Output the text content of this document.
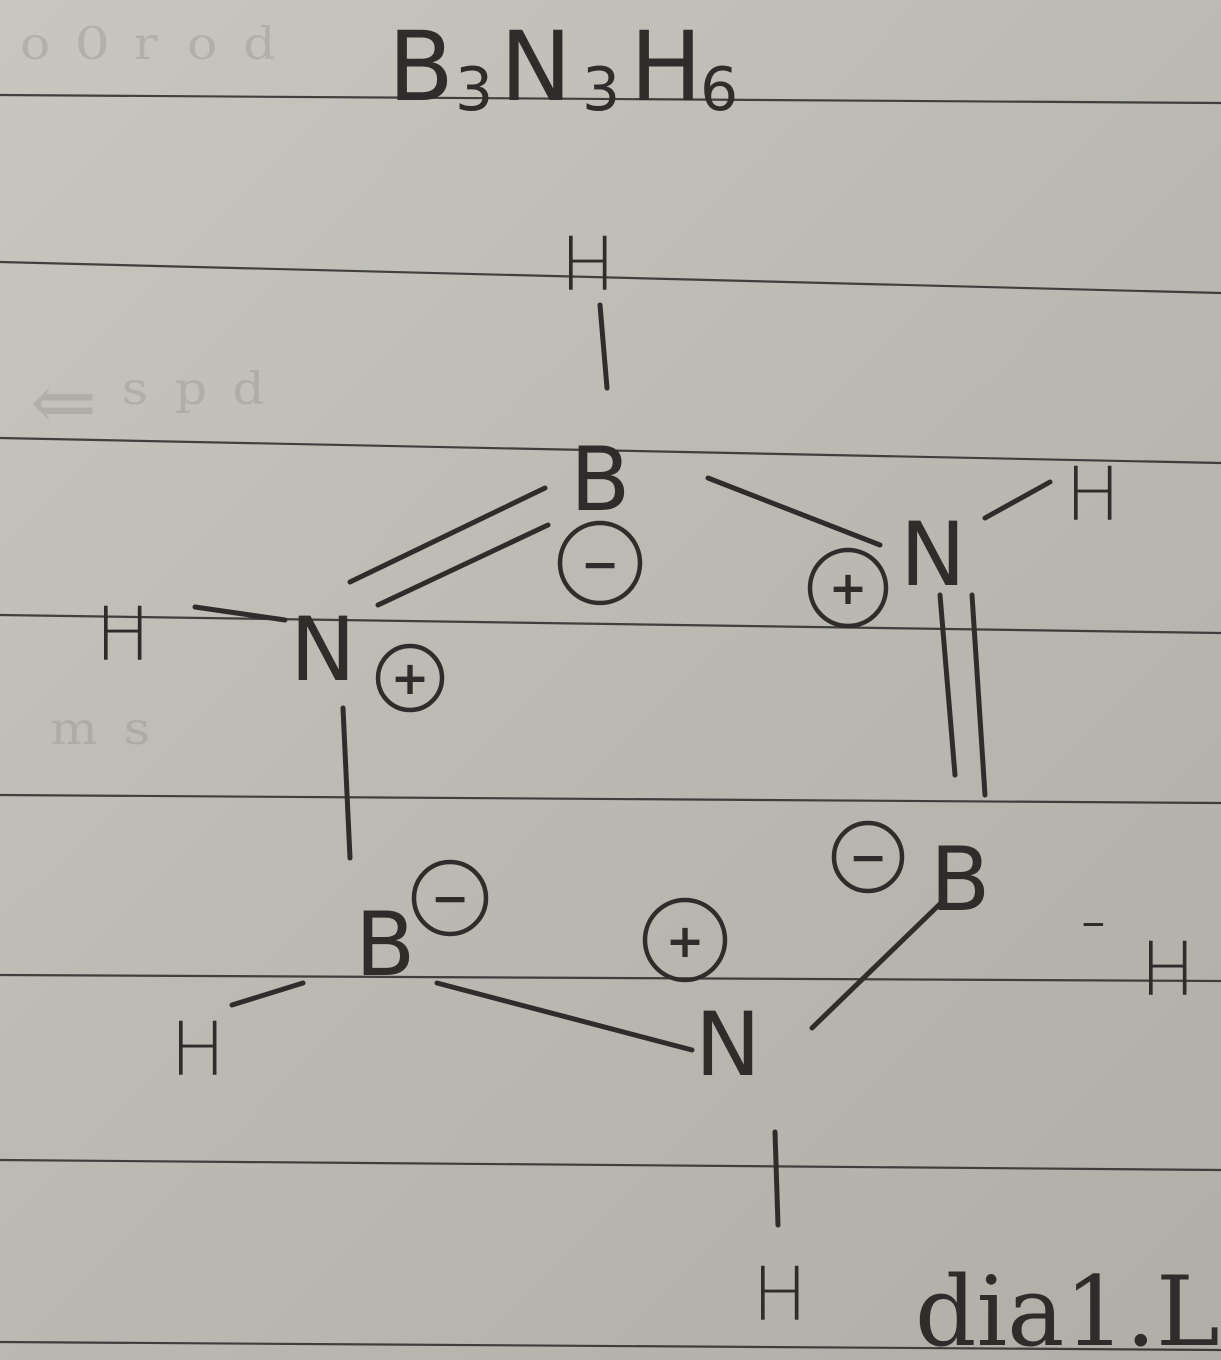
ᵒ ⁰ ʳ ᵒ ᵈ
⇐ ˢ ᵖ ᵈ
ᵐ ˢ
B 3 N 3 H
6
B
N
N
B
B
N
H
H
H
H
-
H
H
−	+
+
−
−
+
dia1.L
